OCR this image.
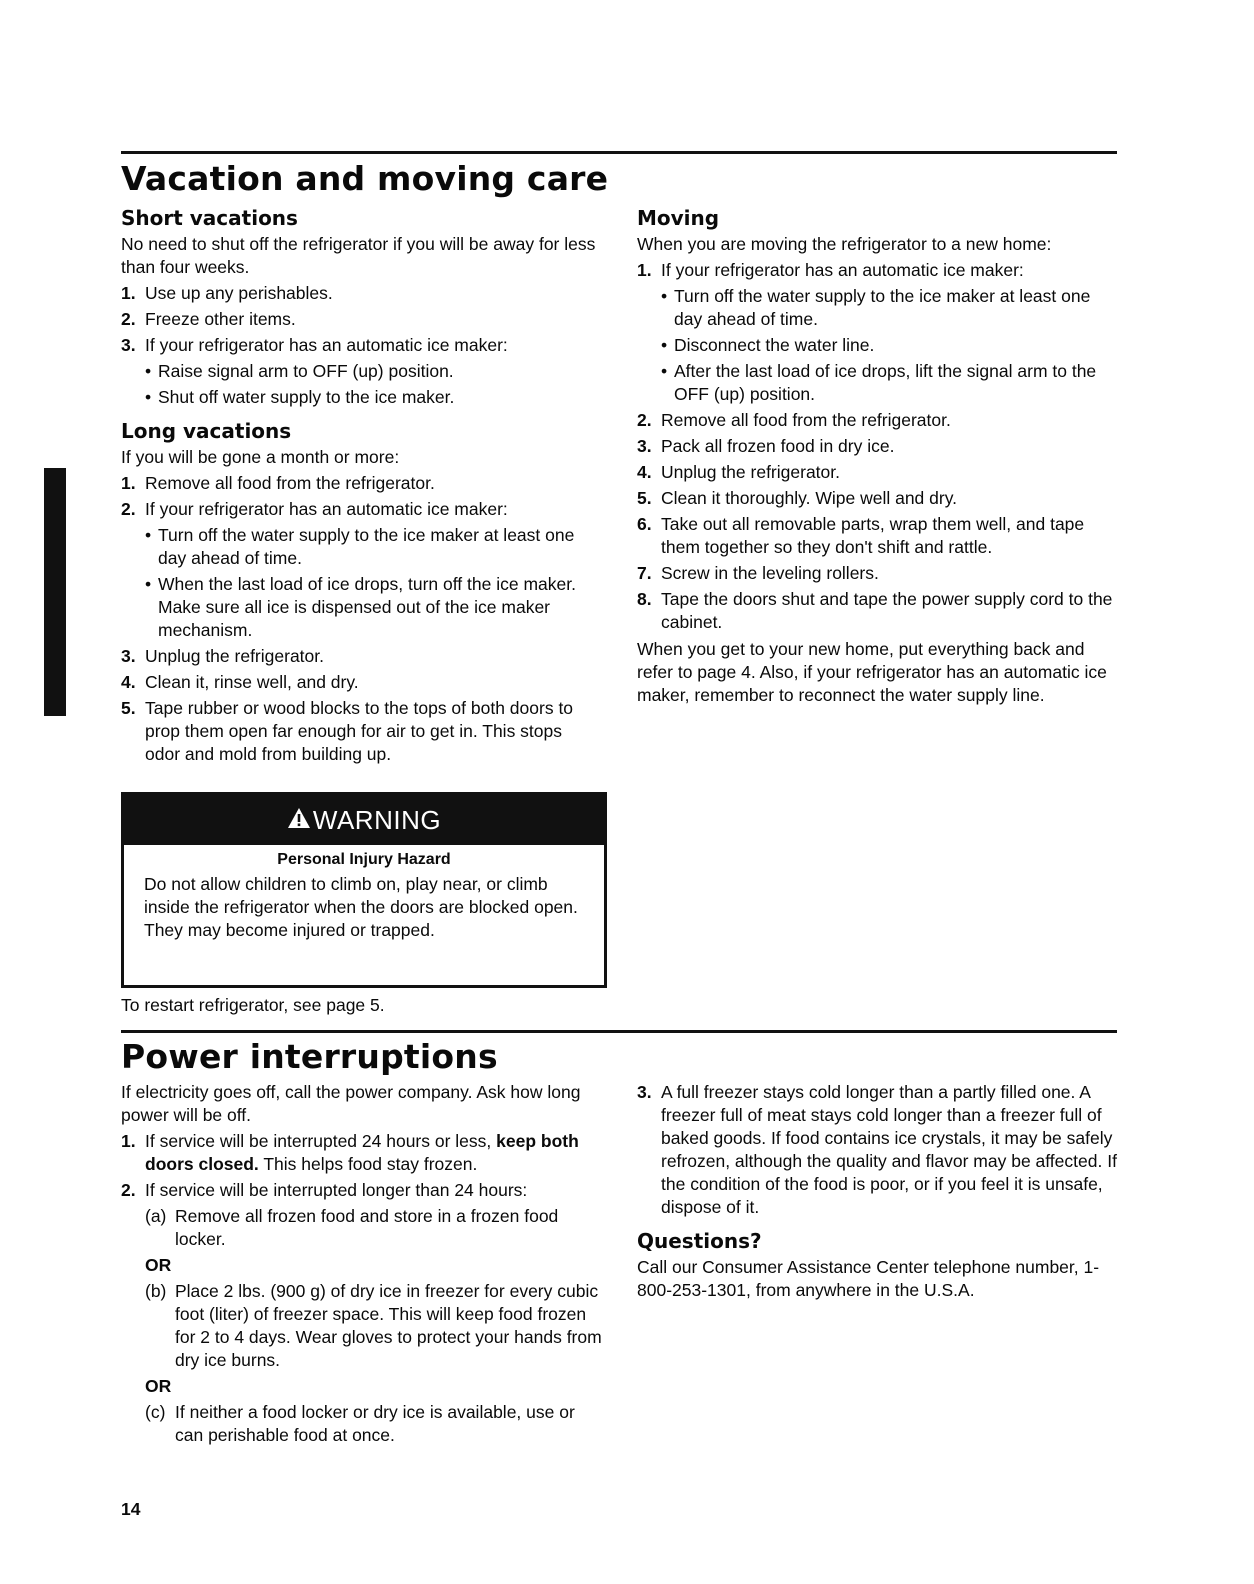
Vacation and moving care
Short vacations

No need to shut off the refrigerator if you will be away for less than four weeks.

1. Use up any perishables.
2. Freeze other items.
3. If your refrigerator has an automatic ice maker:
• Raise signal arm to OFF (up) position.
• Shut off water supply to the ice maker.
Long vacations

If you will be gone a month or more:

1. Remove all food from the refrigerator.
2. If your refrigerator has an automatic ice maker:
• Turn off the water supply to the ice maker at least one day ahead of time.
• When the last load of ice drops, turn off the ice maker. Make sure all ice is dispensed out of the ice maker mechanism.
3. Unplug the refrigerator.
4. Clean it, rinse well, and dry.
5. Tape rubber or wood blocks to the tops of both doors to prop them open far enough for air to get in. This stops odor and mold from building up.
Moving

When you are moving the refrigerator to a new home:

1. If your refrigerator has an automatic ice maker:
• Turn off the water supply to the ice maker at least one day ahead of time.
• Disconnect the water line.
• After the last load of ice drops, lift the signal arm to the OFF (up) position.
2. Remove all food from the refrigerator.
3. Pack all frozen food in dry ice.
4. Unplug the refrigerator.
5. Clean it thoroughly. Wipe well and dry.
6. Take out all removable parts, wrap them well, and tape them together so they don't shift and rattle.
7. Screw in the leveling rollers.
8. Tape the doors shut and tape the power supply cord to the cabinet.

When you get to your new home, put everything back and refer to page 4. Also, if your refrigerator has an automatic ice maker, remember to reconnect the water supply line.

WARNING
Personal Injury Hazard

Do not allow children to climb on, play near, or climb inside the refrigerator when the doors are blocked open.

They may become injured or trapped.

To restart refrigerator, see page 5.

Power interruptions

If electricity goes off, call the power company. Ask how long power will be off.

1. If service will be interrupted 24 hours or less, keep both doors closed. This helps food stay frozen.
2. If service will be interrupted longer than 24 hours:
(a) Remove all frozen food and store in a frozen food locker.
OR
(b) Place 2 lbs. (900 g) of dry ice in freezer for every cubic foot (liter) of freezer space. This will keep food frozen for 2 to 4 days. Wear gloves to protect your hands from dry ice burns.
OR
(c) If neither a food locker or dry ice is available, use or can perishable food at once.
3. A full freezer stays cold longer than a partly filled one. A freezer full of meat stays cold longer than a freezer full of baked goods. If food contains ice crystals, it may be safely refrozen, although the quality and flavor may be affected. If the condition of the food is poor, or if you feel it is unsafe, dispose of it.
Questions?

Call our Consumer Assistance Center telephone number, 1-800-253-1301, from anywhere in the U.S.A.

14
